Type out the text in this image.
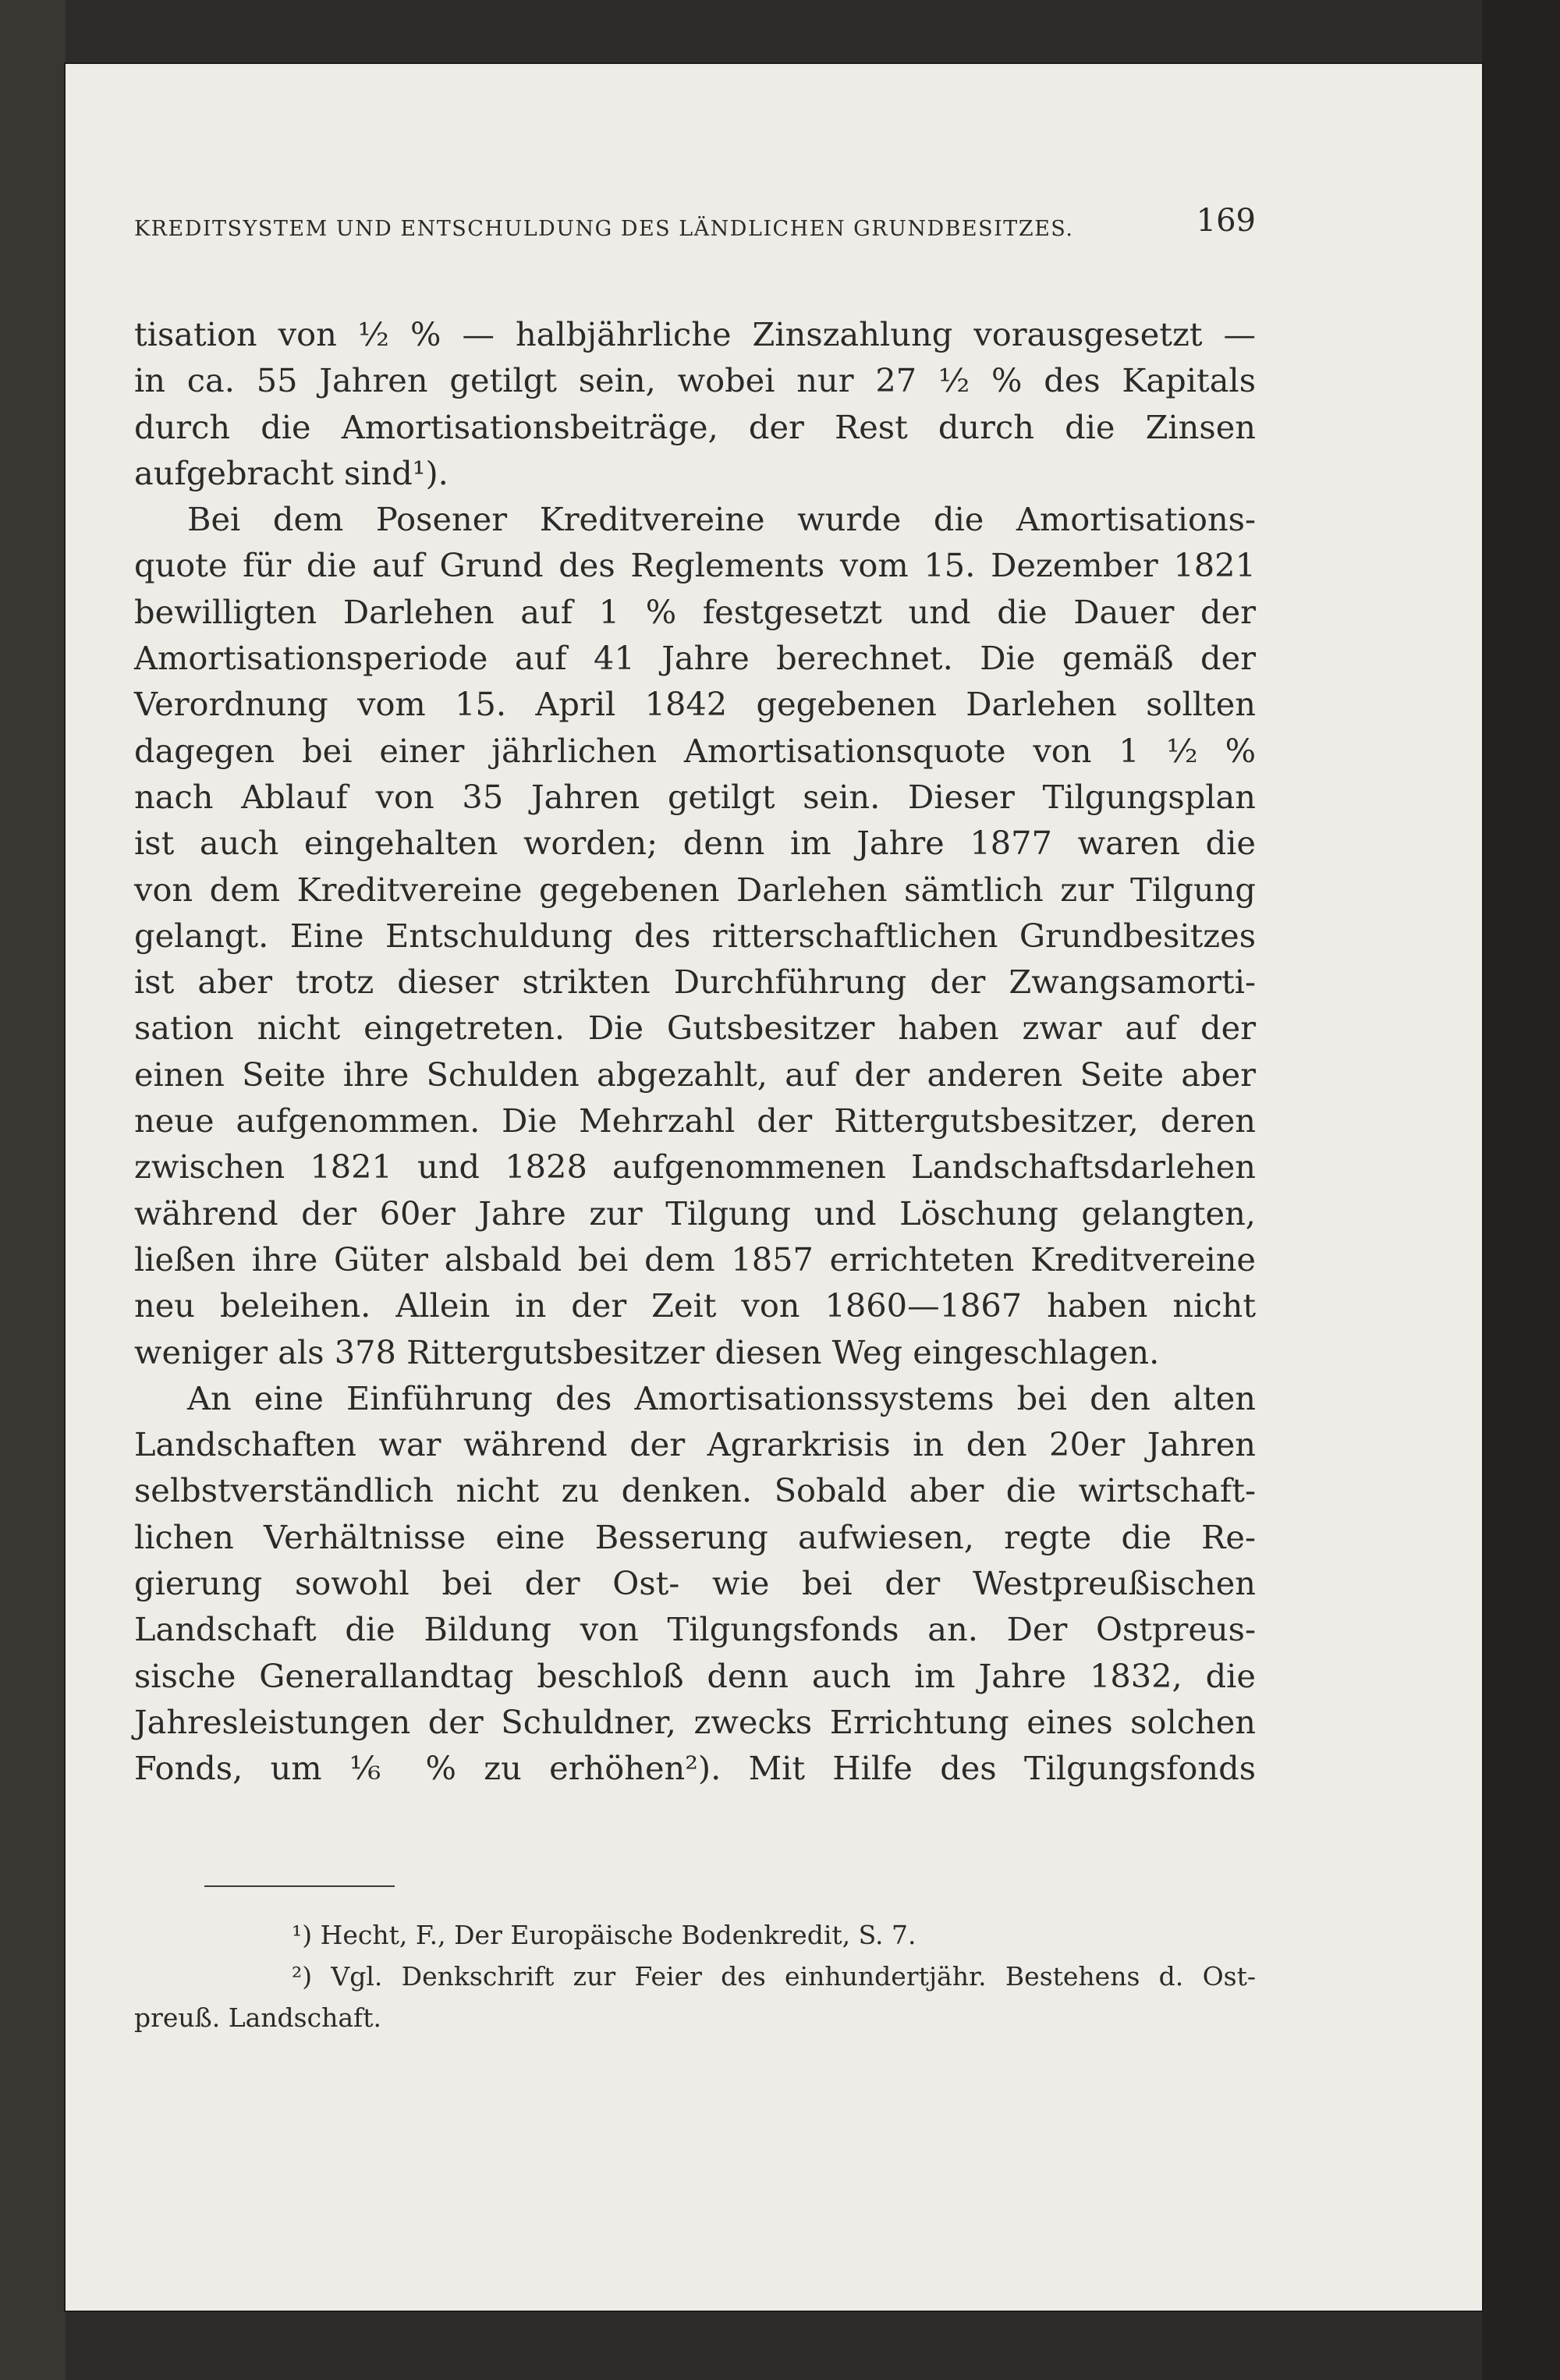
KREDITSYSTEM UND ENTSCHULDUNG DES LÄNDLICHEN GRUNDBESITZES.	169
tisation von ½ % — halbjährliche Zinszahlung vorausgesetzt —
in ca. 55 Jahren getilgt sein, wobei nur 27 ½ % des Kapitals
durch die Amortisationsbeiträge, der Rest durch die Zinsen
aufgebracht sind¹).
Bei dem Posener Kreditvereine wurde die Amortisations-
quote für die auf Grund des Reglements vom 15. Dezember 1821
bewilligten Darlehen auf 1 % festgesetzt und die Dauer der
Amortisationsperiode auf 41 Jahre berechnet. Die gemäß der
Verordnung vom 15. April 1842 gegebenen Darlehen sollten
dagegen bei einer jährlichen Amortisationsquote von 1 ½ %
nach Ablauf von 35 Jahren getilgt sein. Dieser Tilgungsplan
ist auch eingehalten worden; denn im Jahre 1877 waren die
von dem Kreditvereine gegebenen Darlehen sämtlich zur Tilgung
gelangt. Eine Entschuldung des ritterschaftlichen Grundbesitzes
ist aber trotz dieser strikten Durchführung der Zwangsamorti-
sation nicht eingetreten. Die Gutsbesitzer haben zwar auf der
einen Seite ihre Schulden abgezahlt, auf der anderen Seite aber
neue aufgenommen. Die Mehrzahl der Rittergutsbesitzer, deren
zwischen 1821 und 1828 aufgenommenen Landschaftsdarlehen
während der 60er Jahre zur Tilgung und Löschung gelangten,
ließen ihre Güter alsbald bei dem 1857 errichteten Kreditvereine
neu beleihen. Allein in der Zeit von 1860—1867 haben nicht
weniger als 378 Rittergutsbesitzer diesen Weg eingeschlagen.
An eine Einführung des Amortisationssystems bei den alten
Landschaften war während der Agrarkrisis in den 20er Jahren
selbstverständlich nicht zu denken. Sobald aber die wirtschaft-
lichen Verhältnisse eine Besserung aufwiesen, regte die Re-
gierung sowohl bei der Ost- wie bei der Westpreußischen
Landschaft die Bildung von Tilgungsfonds an. Der Ostpreus-
sische Generallandtag beschloß denn auch im Jahre 1832, die
Jahresleistungen der Schuldner, zwecks Errichtung eines solchen
Fonds, um ⅙ % zu erhöhen²). Mit Hilfe des Tilgungsfonds
¹) Hecht, F., Der Europäische Bodenkredit, S. 7.
²) Vgl. Denkschrift zur Feier des einhundertjähr. Bestehens d. Ost-
preuß. Landschaft.
